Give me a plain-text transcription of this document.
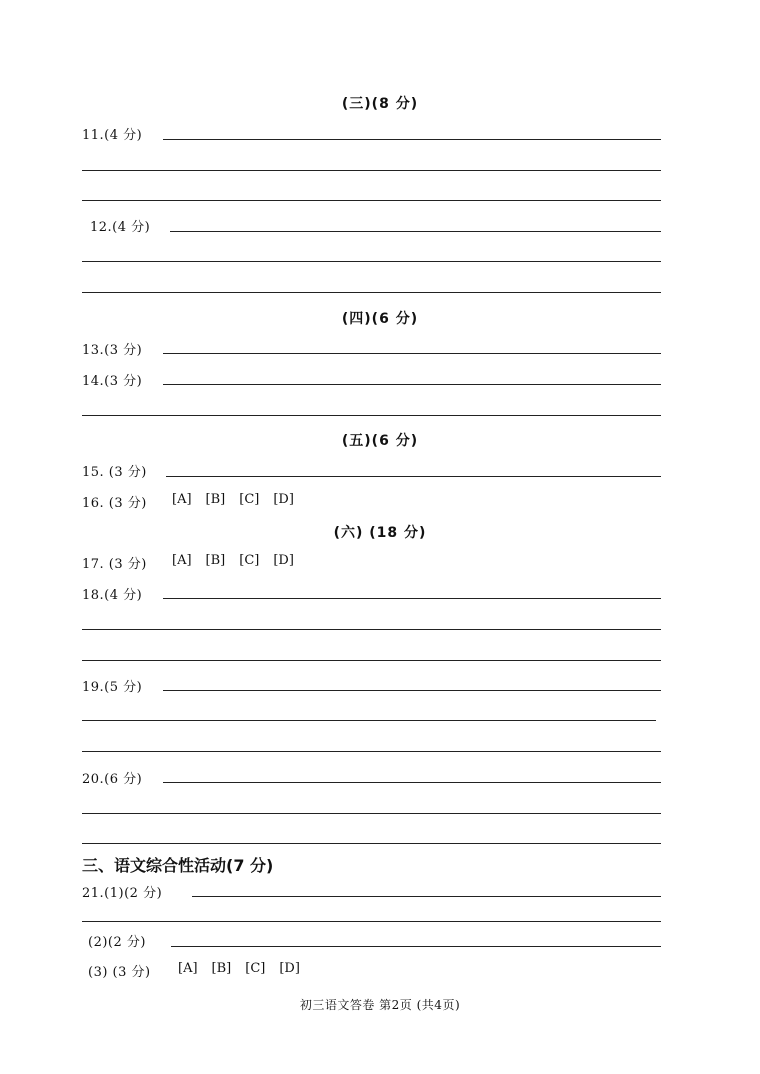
(三)(8 分)
11.(4 分)
12.(4 分)
(四)(6 分)
13.(3 分)
14.(3 分)
(五)(6 分)
15. (3 分)
16. (3 分) [A] [B] [C] [D]
(六) (18 分)
17. (3 分) [A] [B] [C] [D]
18.(4 分)
19.(5 分)
20.(6 分)
三、语文综合性活动(7 分)
21.(1)(2 分)
(2)(2 分)
(3) (3 分) [A] [B] [C] [D]
初三语文答卷 第2页 (共4页)
